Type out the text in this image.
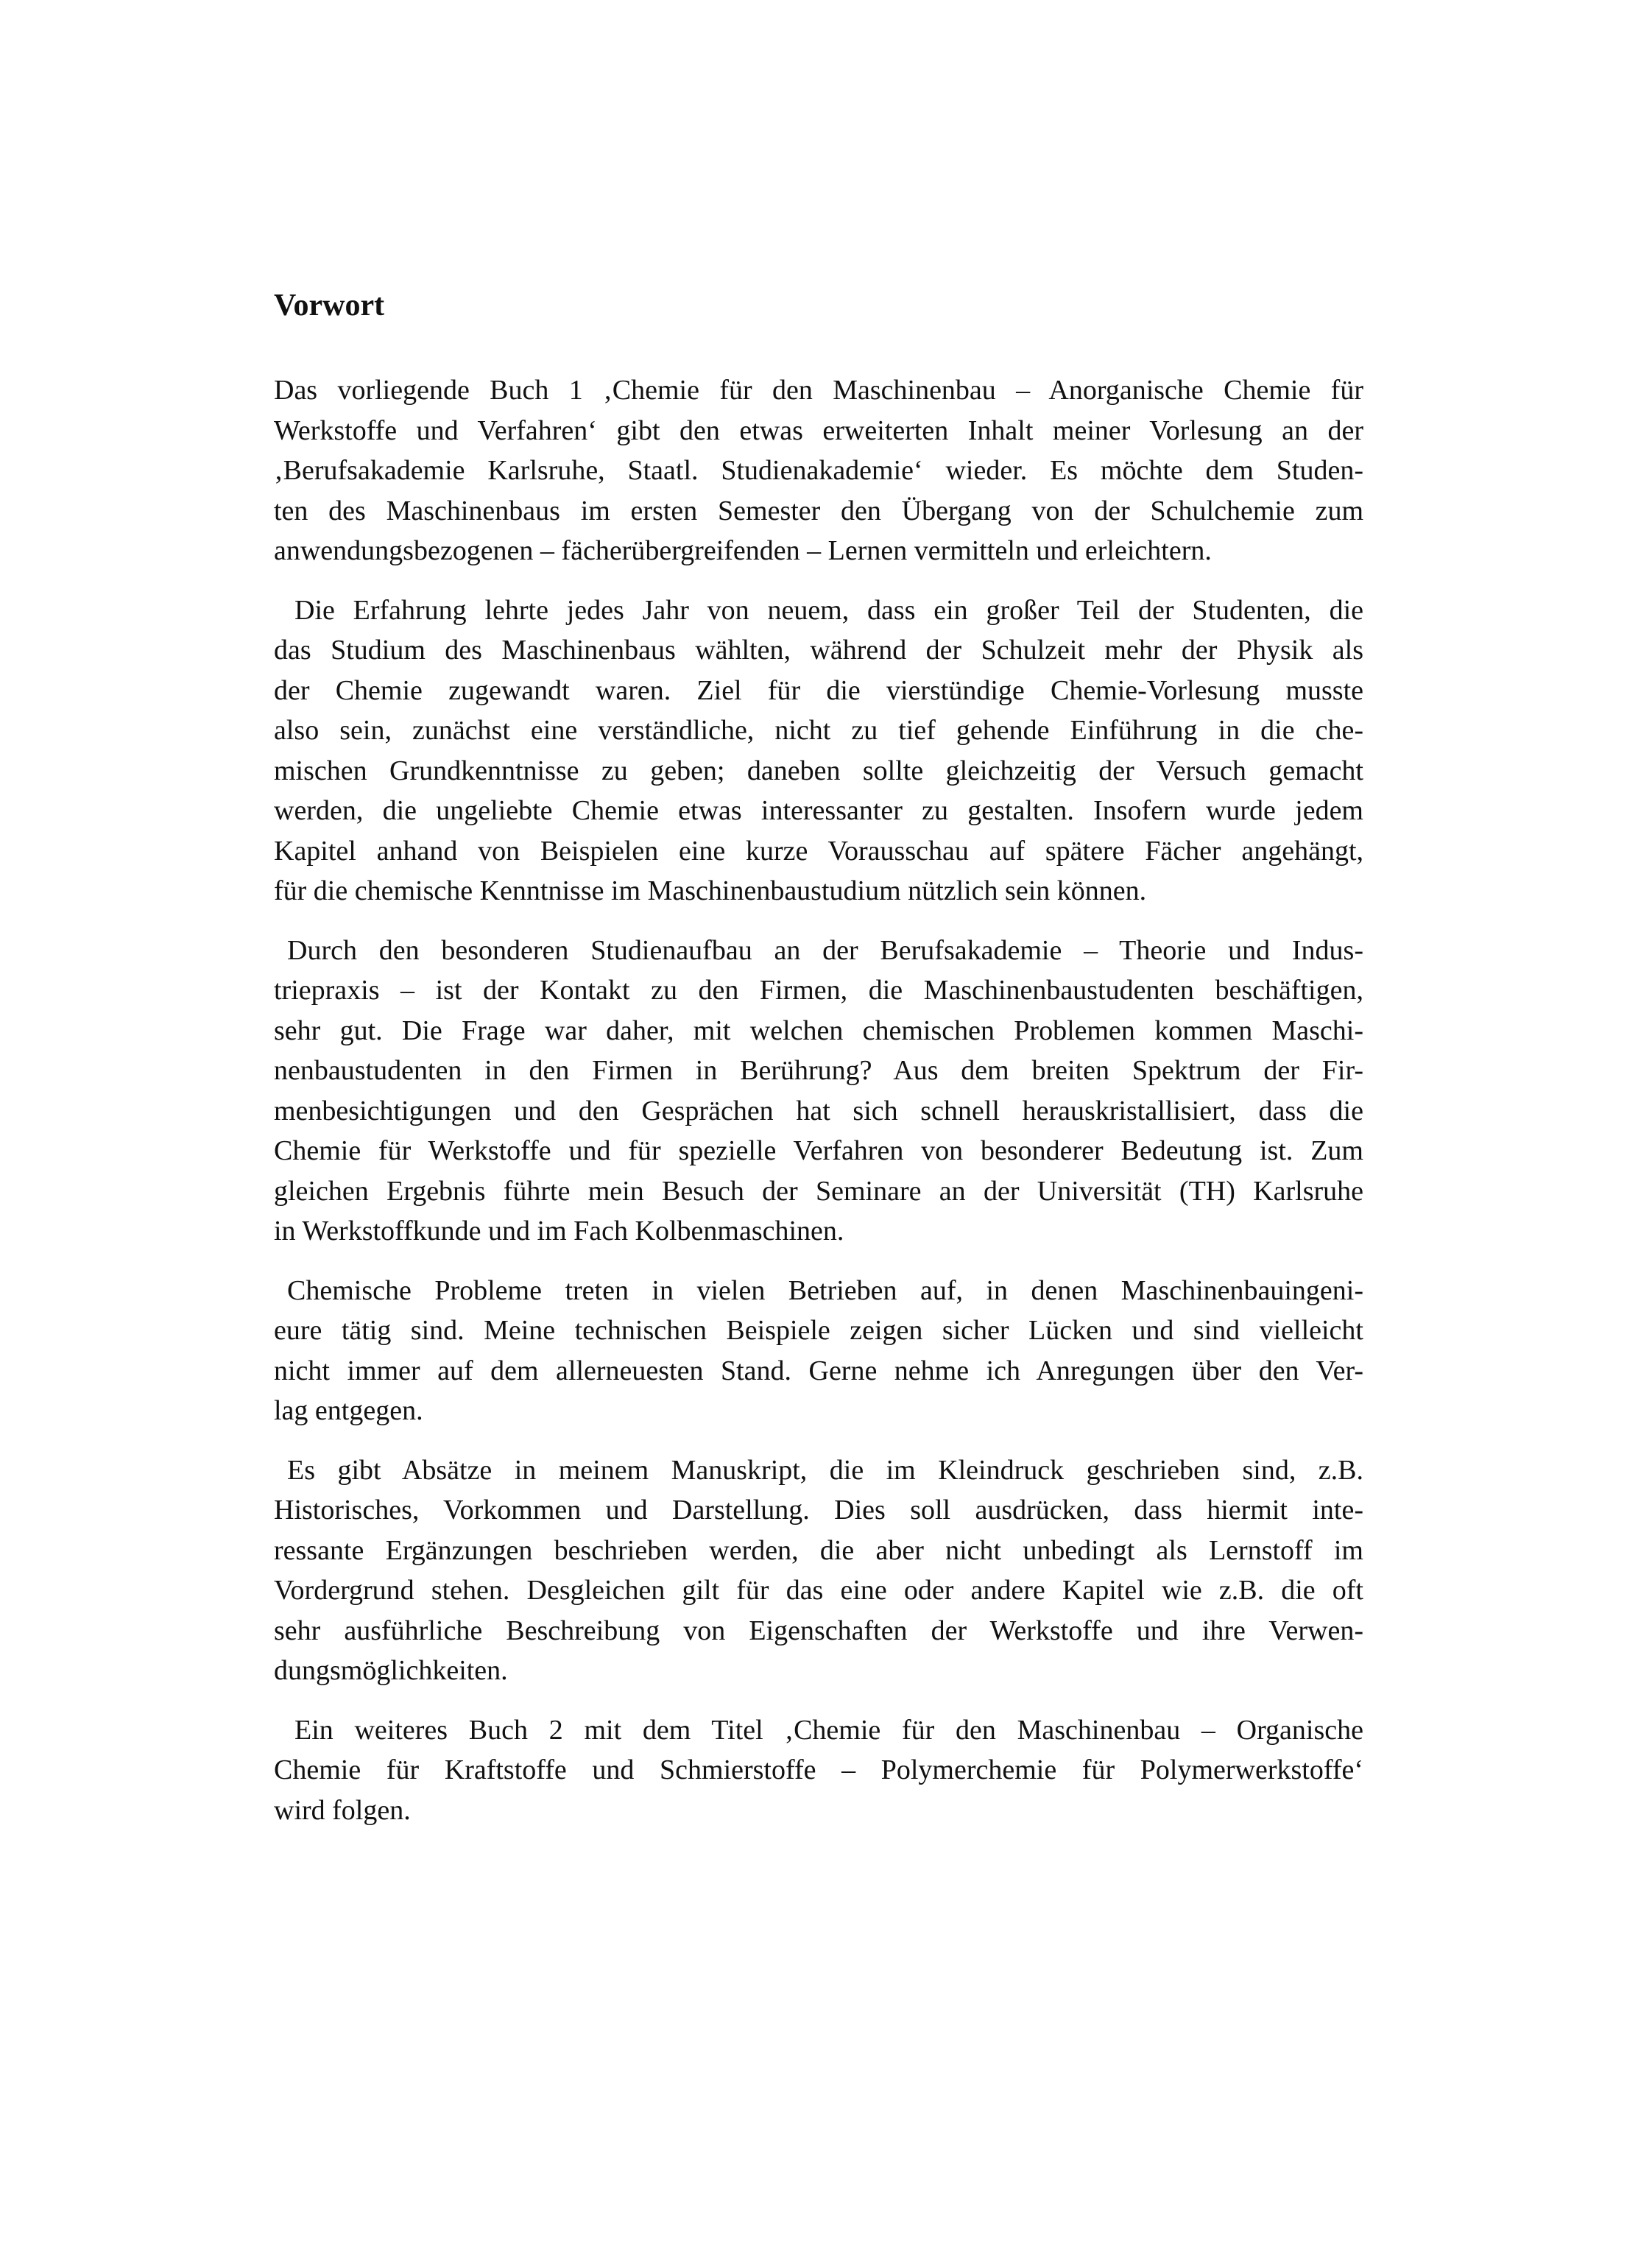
Vorwort
Das vorliegende Buch 1 ‚Chemie für den Maschinenbau – Anorganische Chemie für
Werkstoffe und Verfahren‘ gibt den etwas erweiterten Inhalt meiner Vorlesung an der
‚Berufsakademie Karlsruhe, Staatl. Studienakademie‘ wieder. Es möchte dem Studen-
ten des Maschinenbaus im ersten Semester den Übergang von der Schulchemie zum
anwendungsbezogenen – fächerübergreifenden – Lernen vermitteln und erleichtern.
Die Erfahrung lehrte jedes Jahr von neuem, dass ein großer Teil der Studenten, die
das Studium des Maschinenbaus wählten, während der Schulzeit mehr der Physik als
der Chemie zugewandt waren. Ziel für die vierstündige Chemie-Vorlesung musste
also sein, zunächst eine verständliche, nicht zu tief gehende Einführung in die che-
mischen Grundkenntnisse zu geben; daneben sollte gleichzeitig der Versuch gemacht
werden, die ungeliebte Chemie etwas interessanter zu gestalten. Insofern wurde jedem
Kapitel anhand von Beispielen eine kurze Vorausschau auf spätere Fächer angehängt,
für die chemische Kenntnisse im Maschinenbaustudium nützlich sein können.
Durch den besonderen Studienaufbau an der Berufsakademie – Theorie und Indus-
triepraxis – ist der Kontakt zu den Firmen, die Maschinenbaustudenten beschäftigen,
sehr gut. Die Frage war daher, mit welchen chemischen Problemen kommen Maschi-
nenbaustudenten in den Firmen in Berührung? Aus dem breiten Spektrum der Fir-
menbesichtigungen und den Gesprächen hat sich schnell herauskristallisiert, dass die
Chemie für Werkstoffe und für spezielle Verfahren von besonderer Bedeutung ist. Zum
gleichen Ergebnis führte mein Besuch der Seminare an der Universität (TH) Karlsruhe
in Werkstoffkunde und im Fach Kolbenmaschinen.
Chemische Probleme treten in vielen Betrieben auf, in denen Maschinenbauingeni-
eure tätig sind. Meine technischen Beispiele zeigen sicher Lücken und sind vielleicht
nicht immer auf dem allerneuesten Stand. Gerne nehme ich Anregungen über den Ver-
lag entgegen.
Es gibt Absätze in meinem Manuskript, die im Kleindruck geschrieben sind, z.B.
Historisches, Vorkommen und Darstellung. Dies soll ausdrücken, dass hiermit inte-
ressante Ergänzungen beschrieben werden, die aber nicht unbedingt als Lernstoff im
Vordergrund stehen. Desgleichen gilt für das eine oder andere Kapitel wie z.B. die oft
sehr ausführliche Beschreibung von Eigenschaften der Werkstoffe und ihre Verwen-
dungsmöglichkeiten.
Ein weiteres Buch 2 mit dem Titel ‚Chemie für den Maschinenbau – Organische
Chemie für Kraftstoffe und Schmierstoffe – Polymerchemie für Polymerwerkstoffe‘
wird folgen.
